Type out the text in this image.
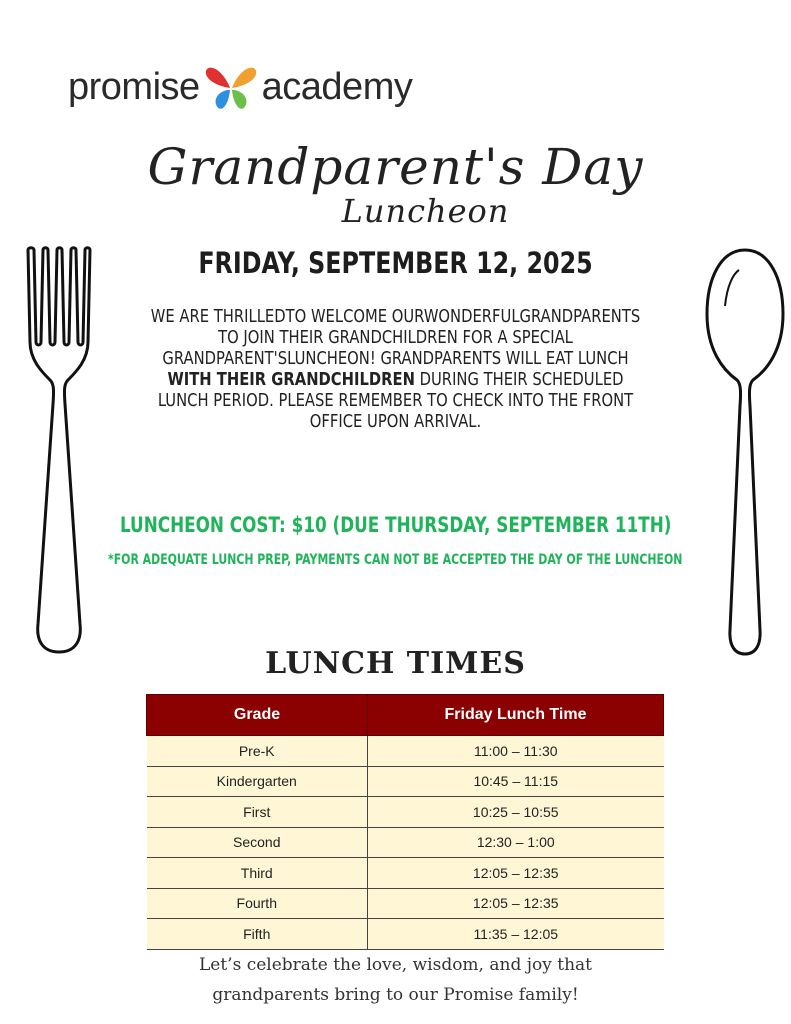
promise academy
Grandparent's Day
Luncheon
FRIDAY, SEPTEMBER 12, 2025
WE ARE THRILLEDTO WELCOME OURWONDERFULGRANDPARENTS TO JOIN THEIR GRANDCHILDREN FOR A SPECIAL GRANDPARENT'SLUNCHEON! GRANDPARENTS WILL EAT LUNCH WITH THEIR GRANDCHILDREN DURING THEIR SCHEDULED LUNCH PERIOD. PLEASE REMEMBER TO CHECK INTO THE FRONT OFFICE UPON ARRIVAL.
LUNCHEON COST: $10 (DUE THURSDAY, SEPTEMBER 11TH)
*FOR ADEQUATE LUNCH PREP, PAYMENTS CAN NOT BE ACCEPTED THE DAY OF THE LUNCHEON
LUNCH TIMES
Grade	Friday Lunch Time
Pre-K	11:00 – 11:30
Kindergarten	10:45 – 11:15
First	10:25 – 10:55
Second	12:30 – 1:00
Third	12:05 – 12:35
Fourth	12:05 – 12:35
Fifth	11:35 – 12:05
Let’s celebrate the love, wisdom, and joy that
grandparents bring to our Promise family!
